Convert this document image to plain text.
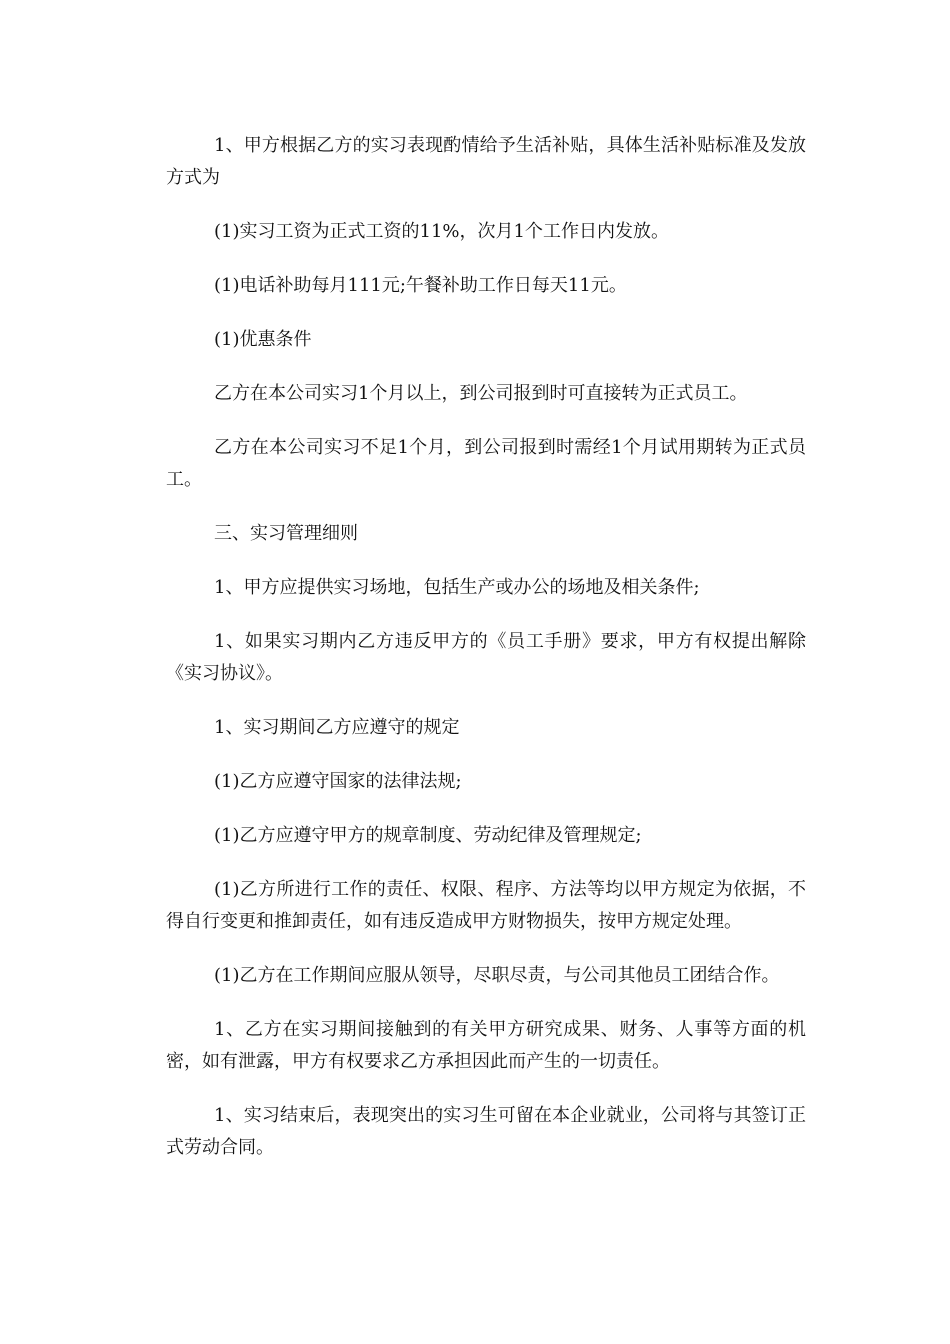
1、甲方根据乙方的实习表现酌情给予生活补贴，具体生活补贴标准及发放方式为

(1)实习工资为正式工资的11%，次月1个工作日内发放。

(1)电话补助每月111元;午餐补助工作日每天11元。

(1)优惠条件

乙方在本公司实习1个月以上，到公司报到时可直接转为正式员工。

乙方在本公司实习不足1个月，到公司报到时需经1个月试用期转为正式员工。

三、实习管理细则

1、甲方应提供实习场地，包括生产或办公的场地及相关条件;

1、如果实习期内乙方违反甲方的《员工手册》要求，甲方有权提出解除《实习协议》。

1、实习期间乙方应遵守的规定

(1)乙方应遵守国家的法律法规;

(1)乙方应遵守甲方的规章制度、劳动纪律及管理规定;

(1)乙方所进行工作的责任、权限、程序、方法等均以甲方规定为依据，不得自行变更和推卸责任，如有违反造成甲方财物损失，按甲方规定处理。

(1)乙方在工作期间应服从领导，尽职尽责，与公司其他员工团结合作。

1、乙方在实习期间接触到的有关甲方研究成果、财务、人事等方面的机密，如有泄露，甲方有权要求乙方承担因此而产生的一切责任。

1、实习结束后，表现突出的实习生可留在本企业就业，公司将与其签订正式劳动合同。
